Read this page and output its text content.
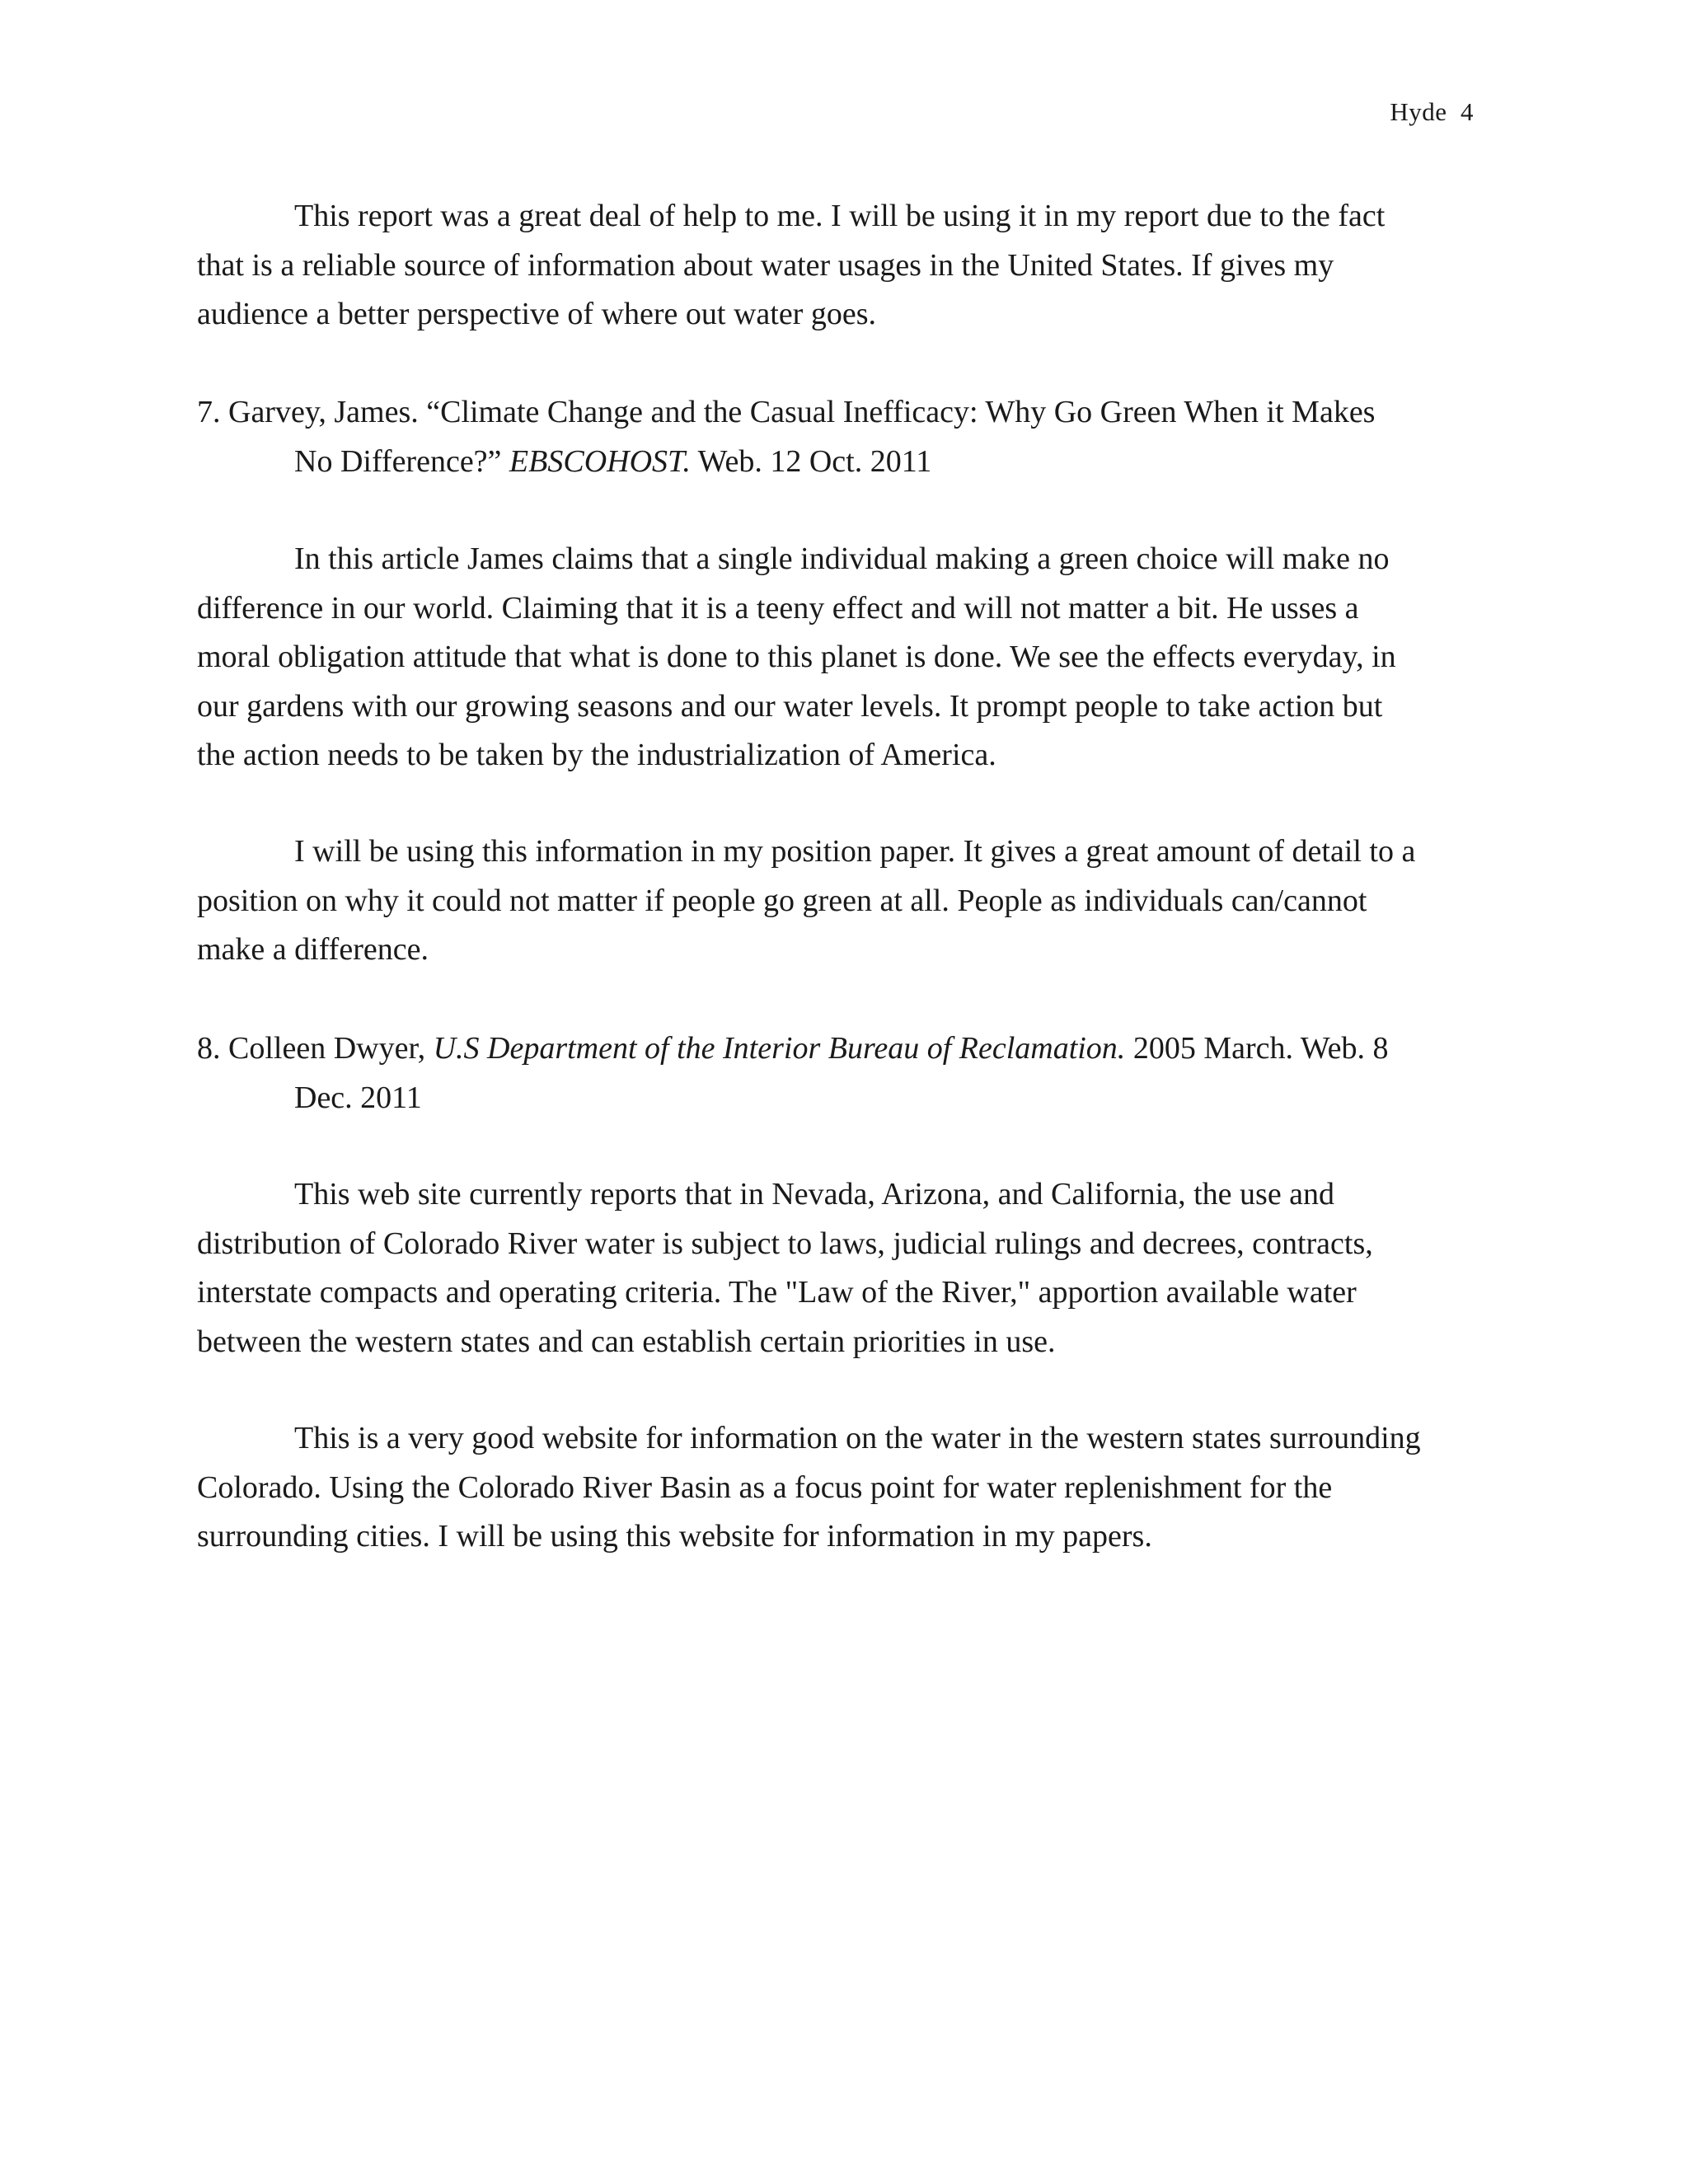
Hyde  4
This report was a great deal of help to me. I will be using it in my report due to the fact
that is a reliable source of information about water usages in the United States. If gives my
audience a better perspective of where out water goes.
7. Garvey, James. “Climate Change and the Casual Inefficacy: Why Go Green When it Makes
No Difference?” EBSCOHOST. Web. 12 Oct. 2011
In this article James claims that a single individual making a green choice will make no
difference in our world. Claiming that it is a teeny effect and will not matter a bit. He usses a
moral obligation attitude that what is done to this planet is done. We see the effects everyday, in
our gardens with our growing seasons and our water levels. It prompt people to take action but
the action needs to be taken by the industrialization of America.
I will be using this information in my position paper. It gives a great amount of detail to a
position on why it could not matter if people go green at all. People as individuals can/cannot
make a difference.
8. Colleen Dwyer, U.S Department of the Interior Bureau of Reclamation. 2005 March. Web. 8
Dec. 2011
This web site currently reports that in Nevada, Arizona, and California, the use and
distribution of Colorado River water is subject to laws, judicial rulings and decrees, contracts,
interstate compacts and operating criteria. The "Law of the River," apportion available water
between the western states and can establish certain priorities in use.
This is a very good website for information on the water in the western states surrounding
Colorado. Using the Colorado River Basin as a focus point for water replenishment for the
surrounding cities. I will be using this website for information in my papers.
